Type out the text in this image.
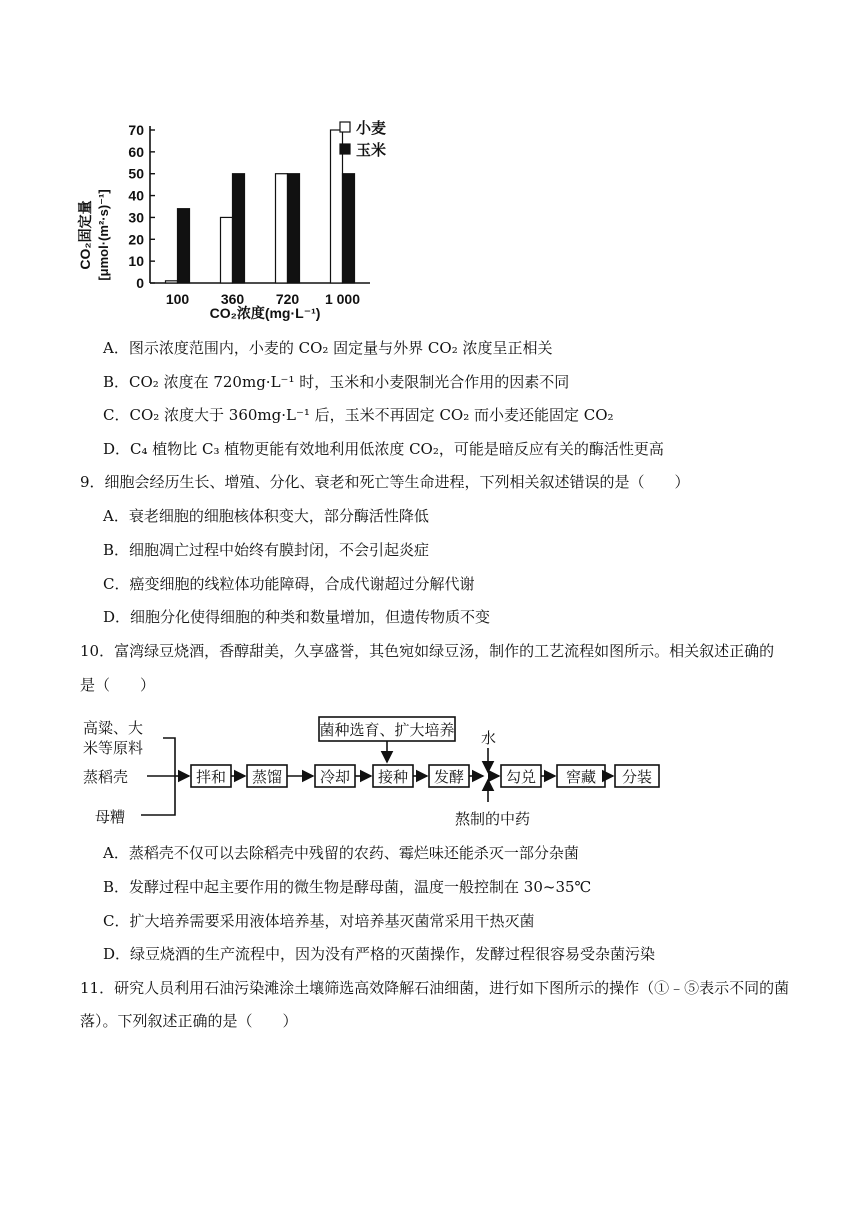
0
10
20
30
40
50
60
70
100 360 720 1 000
CO₂固定量 [μmol·(m²·s)⁻¹]
CO₂浓度(mg·L⁻¹)
小麦
玉米
A．图示浓度范围内，小麦的 CO₂ 固定量与外界 CO₂ 浓度呈正相关
B．CO₂ 浓度在 720mg·L⁻¹ 时，玉米和小麦限制光合作用的因素不同
C．CO₂ 浓度大于 360mg·L⁻¹ 后，玉米不再固定 CO₂ 而小麦还能固定 CO₂
D．C₄ 植物比 C₃ 植物更能有效地利用低浓度 CO₂，可能是暗反应有关的酶活性更高
9．细胞会经历生长、增殖、分化、衰老和死亡等生命进程，下列相关叙述错误的是（　　）
A．衰老细胞的细胞核体积变大，部分酶活性降低
B．细胞凋亡过程中始终有膜封闭，不会引起炎症
C．癌变细胞的线粒体功能障碍，合成代谢超过分解代谢
D．细胞分化使得细胞的种类和数量增加，但遗传物质不变
10．富湾绿豆烧酒，香醇甜美，久享盛誉，其色宛如绿豆汤，制作的工艺流程如图所示。相关叙述正确的
是（　　）
高粱、大
米等原料
蒸稻壳
母糟
拌和 蒸馏	冷却 接种 发酵	勾兑 窖藏 分装
菌种选育、扩大培养 水
熬制的中药
A．蒸稻壳不仅可以去除稻壳中残留的农药、霉烂味还能杀灭一部分杂菌
B．发酵过程中起主要作用的微生物是酵母菌，温度一般控制在 30~35℃
C．扩大培养需要采用液体培养基，对培养基灭菌常采用干热灭菌
D．绿豆烧酒的生产流程中，因为没有严格的灭菌操作，发酵过程很容易受杂菌污染
11．研究人员利用石油污染滩涂土壤筛选高效降解石油细菌，进行如下图所示的操作（①﹣⑤表示不同的菌
落）。下列叙述正确的是（　　）
